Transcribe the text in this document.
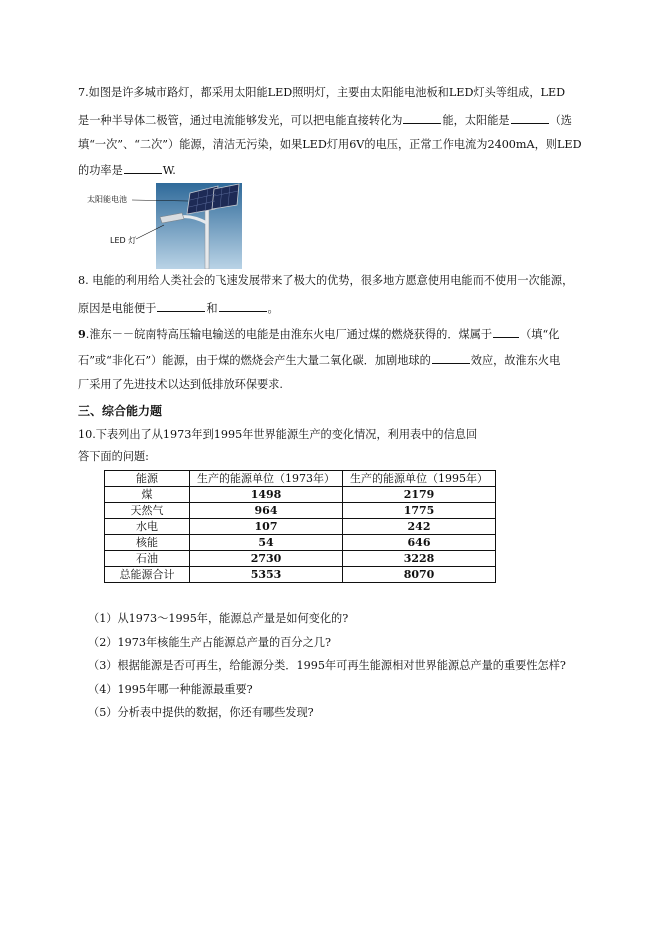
7.如图是许多城市路灯，都采用太阳能LED照明灯，主要由太阳能电池板和LED灯头等组成，LED
是一种半导体二极管，通过电流能够发光，可以把电能直接转化为	能，太阳能是	（选
填“一次”、“二次”）能源，清洁无污染，如果LED灯用6V的电压，正常工作电流为2400mA，则LED
的功率是	W.
太阳能电池
LED 灯
8. 电能的利用给人类社会的飞速发展带来了极大的优势，很多地方愿意使用电能而不使用一次能源，
原因是电能便于	和	。
9.淮东－－皖南特高压输电输送的电能是由淮东火电厂通过煤的燃烧获得的．煤属于	（填“化
石”或“非化石”）能源，由于煤的燃烧会产生大量二氧化碳．加剧地球的	效应，故淮东火电
厂采用了先进技术以达到低排放环保要求.
三、综合能力题
10.下表列出了从1973年到1995年世界能源生产的变化情况，利用表中的信息回
答下面的问题:
能源	生产的能源单位（1973年）	生产的能源单位（1995年）
煤	1498	2179
天然气	964	1775
水电	107	242
核能	54	646
石油	2730	3228
总能源合计	5353	8070
（1）从1973～1995年，能源总产量是如何变化的?
（2）1973年核能生产占能源总产量的百分之几?
（3）根据能源是否可再生，给能源分类．1995年可再生能源相对世界能源总产量的重要性怎样?
（4）1995年哪一种能源最重要?
（5）分析表中提供的数据，你还有哪些发现?
